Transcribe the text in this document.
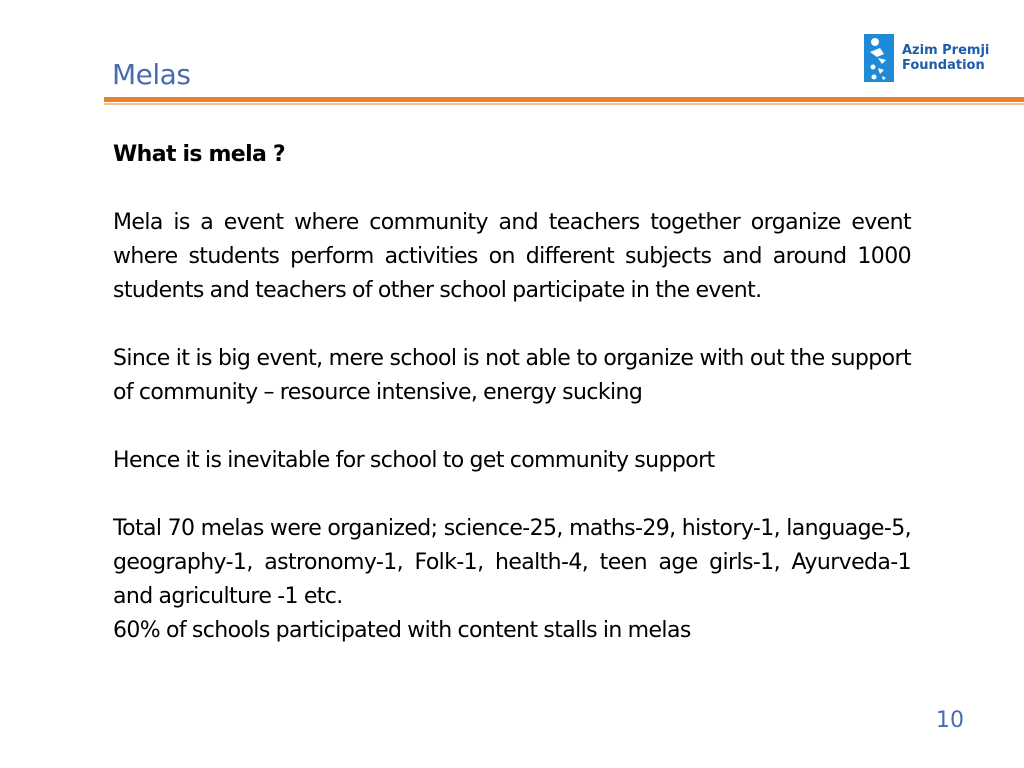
Melas
Azim Premji
Foundation

What is mela ?

Mela is a event where community and teachers together organize event where students perform activities on different subjects and around 1000 students and teachers of other school participate in the event.

Since it is big event, mere school is not able to organize with out the support of community – resource intensive, energy sucking

Hence it is inevitable for school to get community support

Total 70 melas were organized; science-25, maths-29, history-1, language-5, geography-1, astronomy-1, Folk-1, health-4, teen age girls-1, Ayurveda-1 and agriculture -1 etc.

60% of schools participated with content stalls in melas

10
